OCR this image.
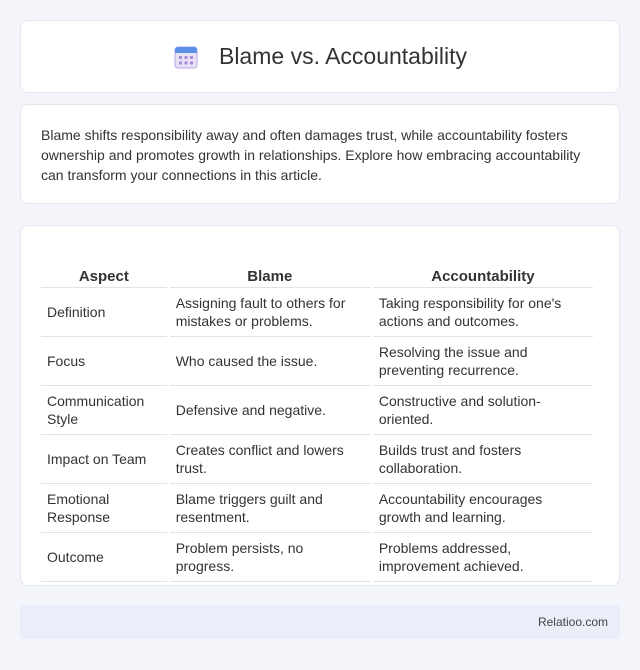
Blame vs. Accountability

Blame shifts responsibility away and often damages trust, while accountability fosters ownership and promotes growth in relationships. Explore how embracing accountability can transform your connections in this article.

Aspect	Blame	Accountability
Definition	Assigning fault to others for mistakes or problems.	Taking responsibility for one's actions and outcomes.
Focus	Who caused the issue.	Resolving the issue and preventing recurrence.
Communication Style	Defensive and negative.	Constructive and solution-oriented.
Impact on Team	Creates conflict and lowers trust.	Builds trust and fosters collaboration.
Emotional Response	Blame triggers guilt and resentment.	Accountability encourages growth and learning.
Outcome	Problem persists, no progress.	Problems addressed, improvement achieved.
Relatioo.com
